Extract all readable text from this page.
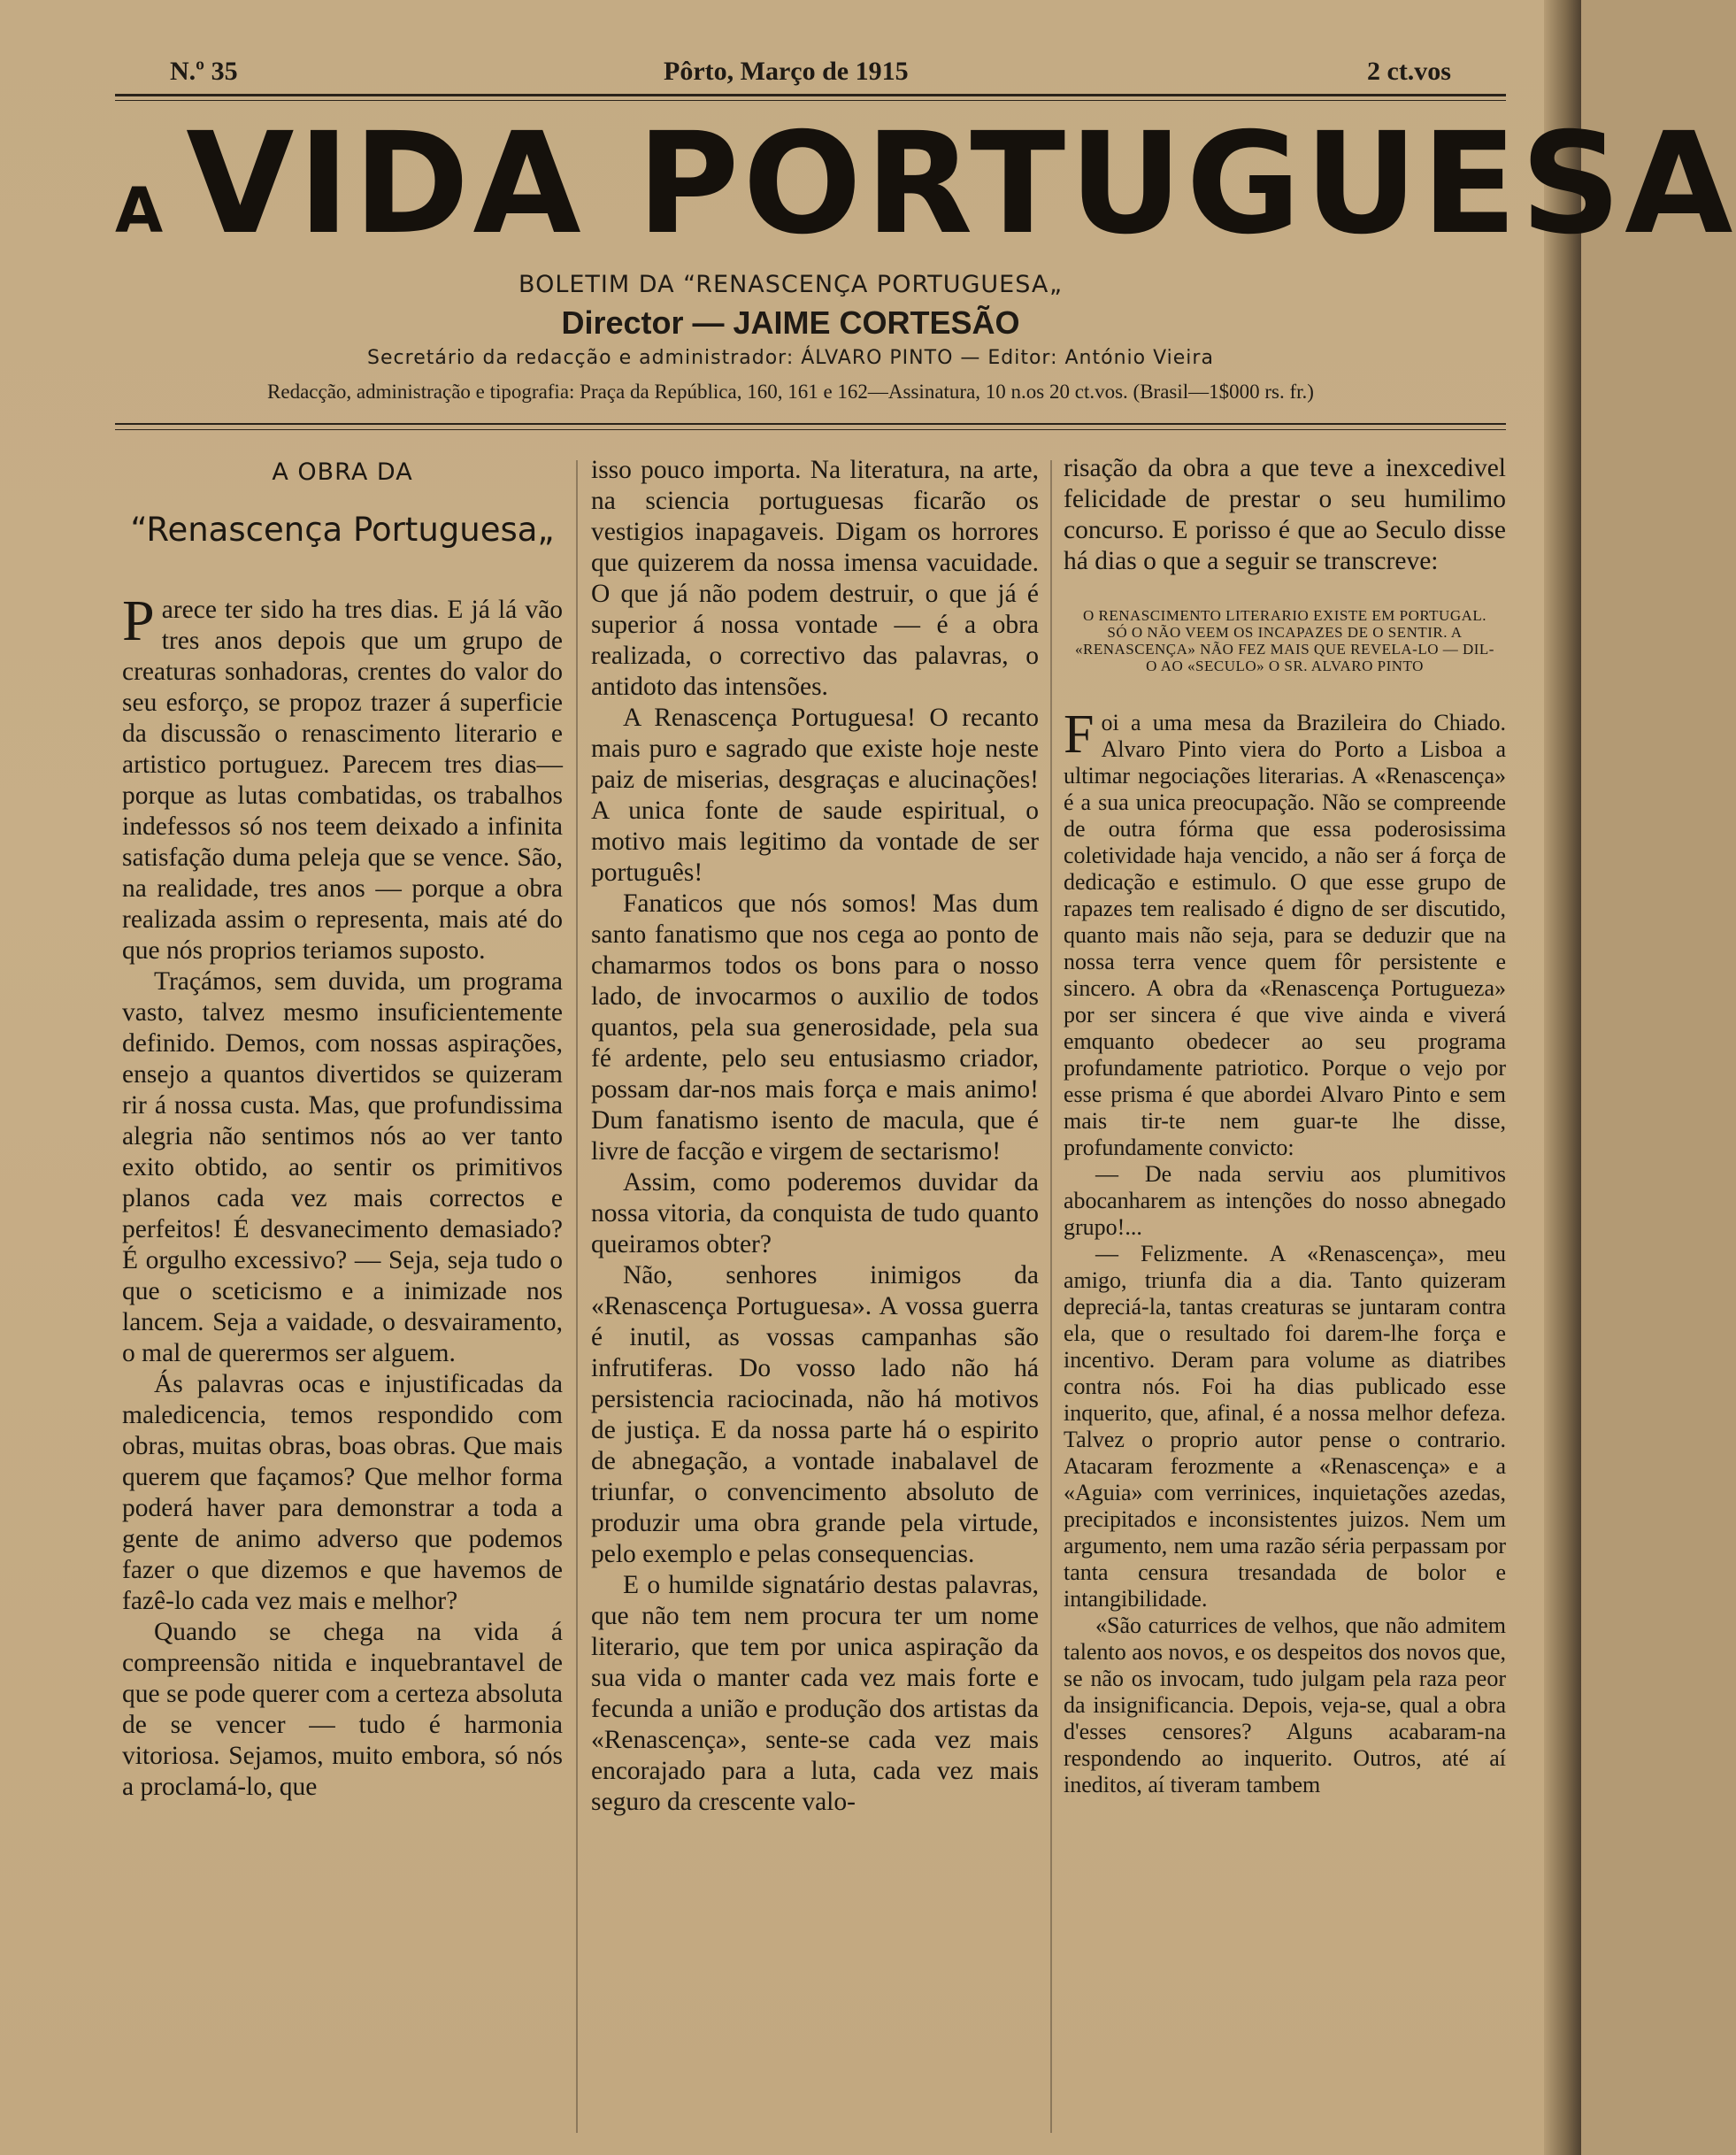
N.º 35	Pôrto, Março de 1915	2 ct.vos
A VIDA PORTUGUESA
BOLETIM DA “RENASCENÇA PORTUGUESA„
Director — JAIME CORTESÃO
Secretário da redacção e administrador: ÁLVARO PINTO — Editor: António Vieira
Redacção, administração e tipografia: Praça da República, 160, 161 e 162—Assinatura, 10 n.os 20 ct.vos. (Brasil—1$000 rs. fr.)
A OBRA DA
“Renascença Portuguesa„

Parece ter sido ha tres dias. E já lá vão tres anos depois que um grupo de creaturas sonhadoras, crentes do valor do seu esforço, se propoz trazer á superficie da discussão o renascimento literario e artistico portuguez. Parecem tres dias—porque as lutas combatidas, os trabalhos indefessos só nos teem deixado a infinita satisfação duma peleja que se vence. São, na realidade, tres anos — porque a obra realizada assim o representa, mais até do que nós proprios teriamos suposto.

Traçámos, sem duvida, um programa vasto, talvez mesmo insuficientemente definido. Demos, com nossas aspirações, ensejo a quantos divertidos se quizeram rir á nossa custa. Mas, que profundissima alegria não sentimos nós ao ver tanto exito obtido, ao sentir os primitivos planos cada vez mais correctos e perfeitos! É desvanecimento demasiado? É orgulho excessivo? — Seja, seja tudo o que o sceticismo e a inimizade nos lancem. Seja a vaidade, o desvairamento, o mal de querermos ser alguem.

Ás palavras ocas e injustificadas da maledicencia, temos respondido com obras, muitas obras, boas obras. Que mais querem que façamos? Que melhor forma poderá haver para demonstrar a toda a gente de animo adverso que podemos fazer o que dizemos e que havemos de fazê-lo cada vez mais e melhor?

Quando se chega na vida á compreensão nitida e inquebrantavel de que se pode querer com a certeza absoluta de se vencer — tudo é harmonia vitoriosa. Sejamos, muito embora, só nós a proclamá-lo, que

isso pouco importa. Na literatura, na arte, na sciencia portuguesas ficarão os vestigios inapagaveis. Digam os horrores que quizerem da nossa imensa vacuidade. O que já não podem destruir, o que já é superior á nossa vontade — é a obra realizada, o correctivo das palavras, o antidoto das intensões.

A Renascença Portuguesa! O recanto mais puro e sagrado que existe hoje neste paiz de miserias, desgraças e alucinações! A unica fonte de saude espiritual, o motivo mais legitimo da vontade de ser português!

Fanaticos que nós somos! Mas dum santo fanatismo que nos cega ao ponto de chamarmos todos os bons para o nosso lado, de invocarmos o auxilio de todos quantos, pela sua generosidade, pela sua fé ardente, pelo seu entusiasmo criador, possam dar-nos mais força e mais animo! Dum fanatismo isento de macula, que é livre de facção e virgem de sectarismo!

Assim, como poderemos duvidar da nossa vitoria, da conquista de tudo quanto queiramos obter?

Não, senhores inimigos da «Renascença Portuguesa». A vossa guerra é inutil, as vossas campanhas são infrutiferas. Do vosso lado não há persistencia raciocinada, não há motivos de justiça. E da nossa parte há o espirito de abnegação, a vontade inabalavel de triunfar, o convencimento absoluto de produzir uma obra grande pela virtude, pelo exemplo e pelas consequencias.

E o humilde signatário destas palavras, que não tem nem procura ter um nome literario, que tem por unica aspiração da sua vida o manter cada vez mais forte e fecunda a união e produção dos artistas da «Renascença», sente-se cada vez mais encorajado para a luta, cada vez mais seguro da crescente valo-

risação da obra a que teve a inexcedivel felicidade de prestar o seu humilimo concurso. E porisso é que ao Seculo disse há dias o que a seguir se transcreve:

O RENASCIMENTO LITERARIO EXISTE EM PORTUGAL. SÓ O NÃO VEEM OS INCAPAZES DE O SENTIR. A «RENASCENÇA» NÃO FEZ MAIS QUE REVELA-LO — DIL-O AO «SECULO» O SR. ALVARO PINTO

Foi a uma mesa da Brazileira do Chiado. Alvaro Pinto viera do Porto a Lisboa a ultimar negociações literarias. A «Renascença» é a sua unica preocupação. Não se compreende de outra fórma que essa poderosissima coletividade haja vencido, a não ser á força de dedicação e estimulo. O que esse grupo de rapazes tem realisado é digno de ser discutido, quanto mais não seja, para se deduzir que na nossa terra vence quem fôr persistente e sincero. A obra da «Renascença Portugueza» por ser sincera é que vive ainda e viverá emquanto obedecer ao seu programa profundamente patriotico. Porque o vejo por esse prisma é que abordei Alvaro Pinto e sem mais tir-te nem guar-te lhe disse, profundamente convicto:

— De nada serviu aos plumitivos abocanharem as intenções do nosso abnegado grupo!...

— Felizmente. A «Renascença», meu amigo, triunfa dia a dia. Tanto quizeram depreciá-la, tantas creaturas se juntaram contra ela, que o resultado foi darem-lhe força e incentivo. Deram para volume as diatribes contra nós. Foi ha dias publicado esse inquerito, que, afinal, é a nossa melhor defeza. Talvez o proprio autor pense o contrario. Atacaram ferozmente a «Renascença» e a «Aguia» com verrinices, inquietações azedas, precipitados e inconsistentes juizos. Nem um argumento, nem uma razão séria perpassam por tanta censura tresandada de bolor e intangibilidade.

«São caturrices de velhos, que não admitem talento aos novos, e os despeitos dos novos que, se não os invocam, tudo julgam pela raza peor da insignificancia. Depois, veja-se, qual a obra d'esses censores? Alguns acabaram-na respondendo ao inquerito. Outros, até aí ineditos, aí tiveram tambem
